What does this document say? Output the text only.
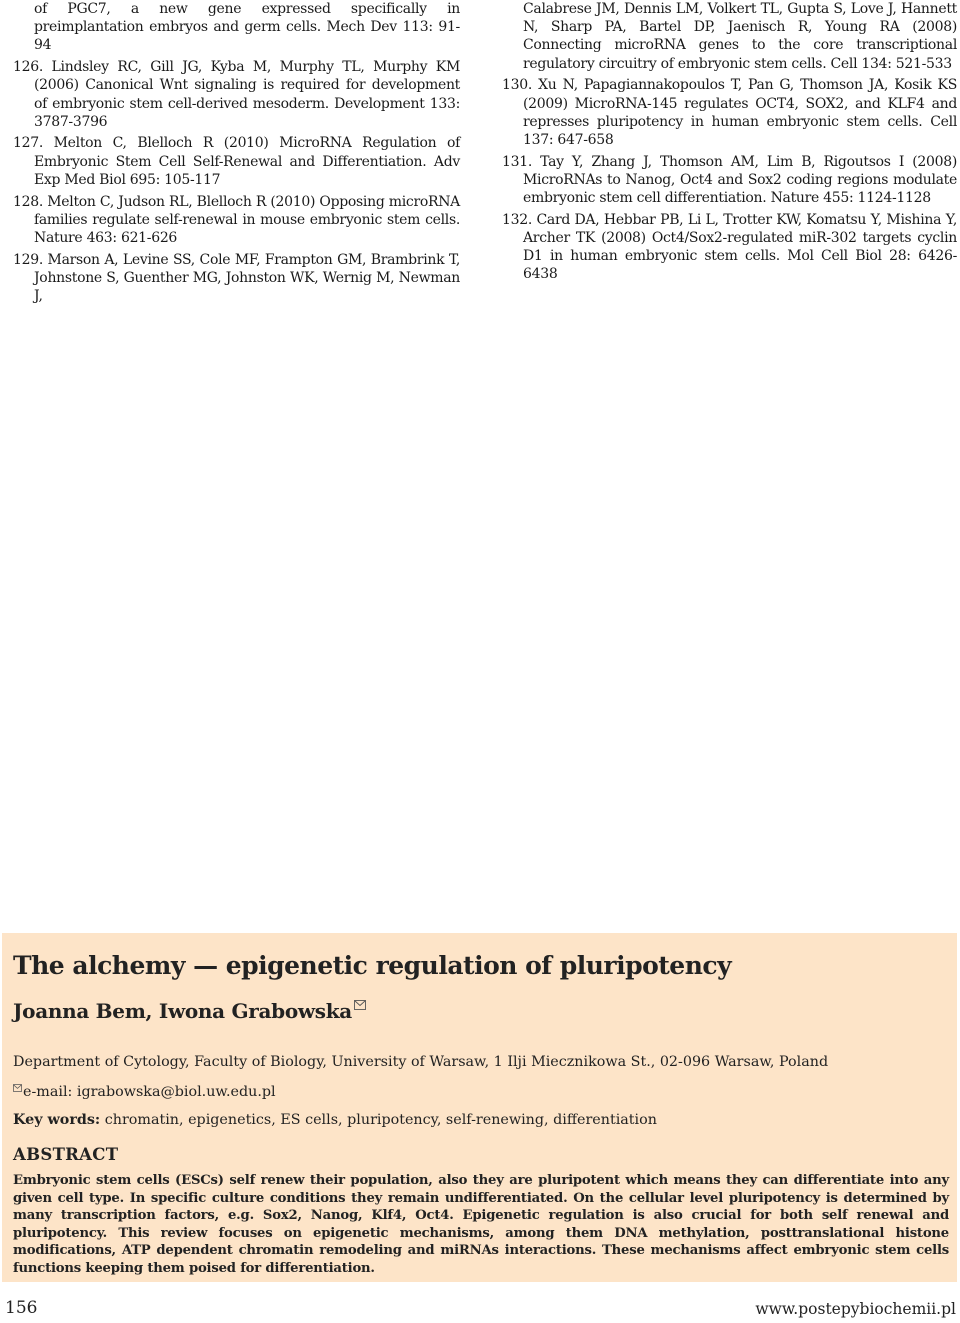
of PGC7, a new gene expressed specifically in preimplantation embryos and germ cells. Mech Dev 113: 91-94

126. Lindsley RC, Gill JG, Kyba M, Murphy TL, Murphy KM (2006) Canonical Wnt signaling is required for development of embryonic stem cell-derived mesoderm. Development 133: 3787-3796

127. Melton C, Blelloch R (2010) MicroRNA Regulation of Embryonic Stem Cell Self-Renewal and Differentiation. Adv Exp Med Biol 695: 105-117

128. Melton C, Judson RL, Blelloch R (2010) Opposing microRNA families regulate self-renewal in mouse embryonic stem cells. Nature 463: 621-626

129. Marson A, Levine SS, Cole MF, Frampton GM, Brambrink T, Johnstone S, Guenther MG, Johnston WK, Wernig M, Newman J,

Calabrese JM, Dennis LM, Volkert TL, Gupta S, Love J, Hannett N, Sharp PA, Bartel DP, Jaenisch R, Young RA (2008) Connecting microRNA genes to the core transcriptional regulatory circuitry of embryonic stem cells. Cell 134: 521-533

130. Xu N, Papagiannakopoulos T, Pan G, Thomson JA, Kosik KS (2009) MicroRNA-145 regulates OCT4, SOX2, and KLF4 and represses pluripotency in human embryonic stem cells. Cell 137: 647-658

131. Tay Y, Zhang J, Thomson AM, Lim B, Rigoutsos I (2008) MicroRNAs to Nanog, Oct4 and Sox2 coding regions modulate embryonic stem cell differentiation. Nature 455: 1124-1128

132. Card DA, Hebbar PB, Li L, Trotter KW, Komatsu Y, Mishina Y, Archer TK (2008) Oct4/Sox2-regulated miR-302 targets cyclin D1 in human embryonic stem cells. Mol Cell Biol 28: 6426-6438

The alchemy — epigenetic regulation of pluripotency
Joanna Bem, Iwona Grabowska

Department of Cytology, Faculty of Biology, University of Warsaw, 1 Ilji Miecznikowa St., 02-096 Warsaw, Poland

e-mail: igrabowska@biol.uw.edu.pl

Key words: chromatin, epigenetics, ES cells, pluripotency, self-renewing, differentiation

ABSTRACT

Embryonic stem cells (ESCs) self renew their population, also they are pluripotent which means they can differentiate into any given cell type. In specific culture conditions they remain undifferentiated. On the cellular level pluripotency is determined by many transcription factors, e.g. Sox2, Nanog, Klf4, Oct4. Epigenetic regulation is also crucial for both self renewal and pluripotency. This review focuses on epigenetic mechanisms, among them DNA methylation, posttranslational histone modifications, ATP dependent chromatin remodeling and miRNAs interactions. These mechanisms affect embryonic stem cells functions keeping them poised for differentiation.

156	www.postepybiochemii.pl
